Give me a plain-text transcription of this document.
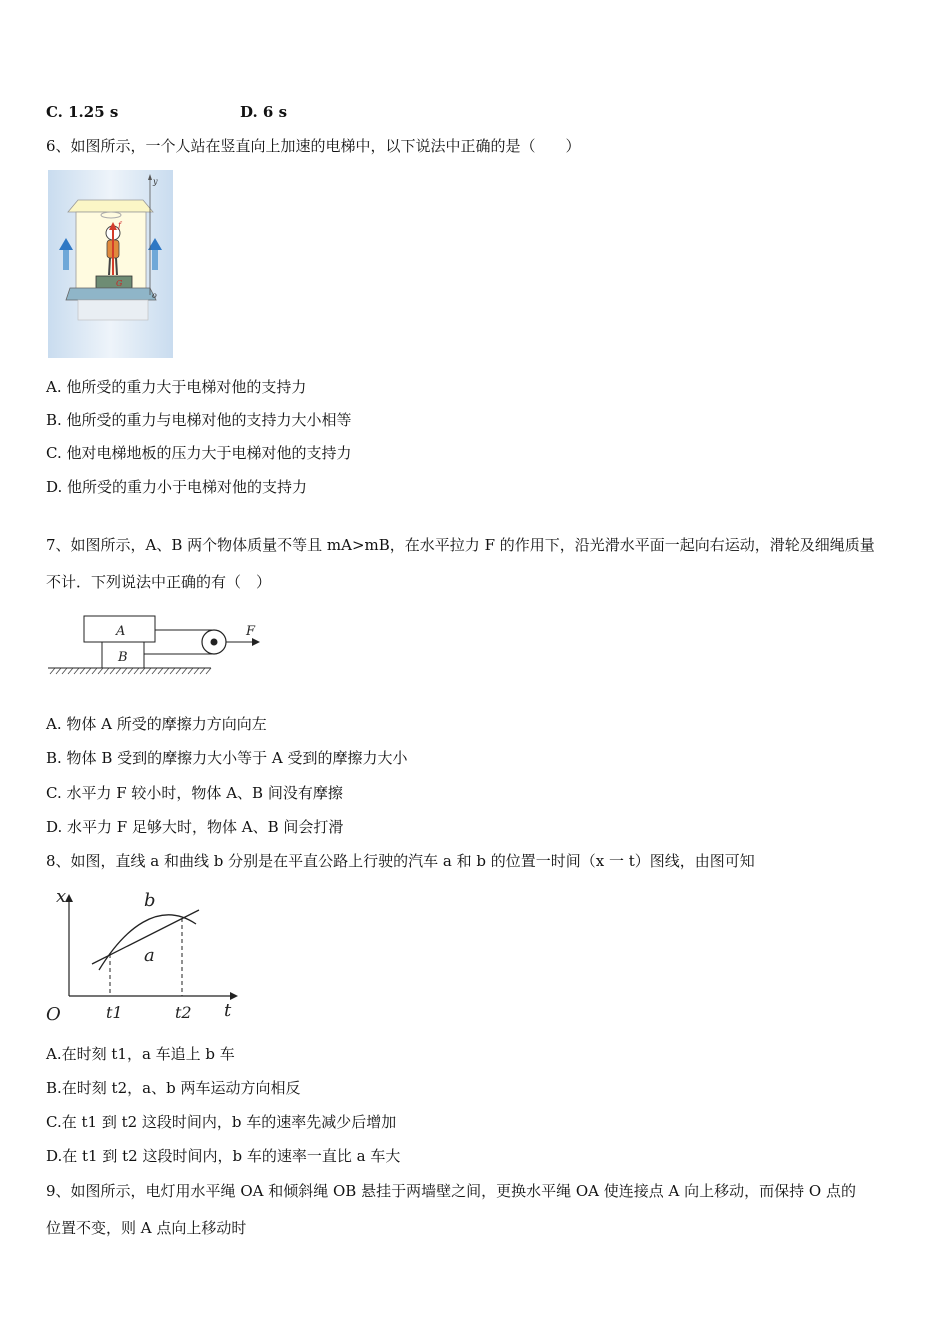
C. 1.25 s	D. 6 s
6、如图所示，一个人站在竖直向上加速的电梯中，以下说法中正确的是（　　）
y
o
f
G
A. 他所受的重力大于电梯对他的支持力
B. 他所受的重力与电梯对他的支持力大小相等
C. 他对电梯地板的压力大于电梯对他的支持力
D. 他所受的重力小于电梯对他的支持力
7、如图所示，A、B 两个物体质量不等且 mA>mB，在水平拉力 F 的作用下，沿光滑水平面一起向右运动，滑轮及细绳质量
不计．下列说法中正确的有（　）
A
B
F
A. 物体 A 所受的摩擦力方向向左
B. 物体 B 受到的摩擦力大小等于 A 受到的摩擦力大小
C. 水平力 F 较小时，物体 A、B 间没有摩擦
D. 水平力 F 足够大时，物体 A、B 间会打滑
8、如图，直线 a 和曲线 b 分别是在平直公路上行驶的汽车 a 和 b 的位置一时间（x 一 t）图线，由图可知
x
t
O
b
a
t1	t2
A.在时刻 t1，a 车追上 b 车
B.在时刻 t2，a、b 两车运动方向相反
C.在 t1 到 t2 这段时间内，b 车的速率先减少后增加
D.在 t1 到 t2 这段时间内，b 车的速率一直比 a 车大
9、如图所示，电灯用水平绳 OA 和倾斜绳 OB 悬挂于两墙壁之间，更换水平绳 OA 使连接点 A 向上移动，而保持 O 点的
位置不变，则 A 点向上移动时
